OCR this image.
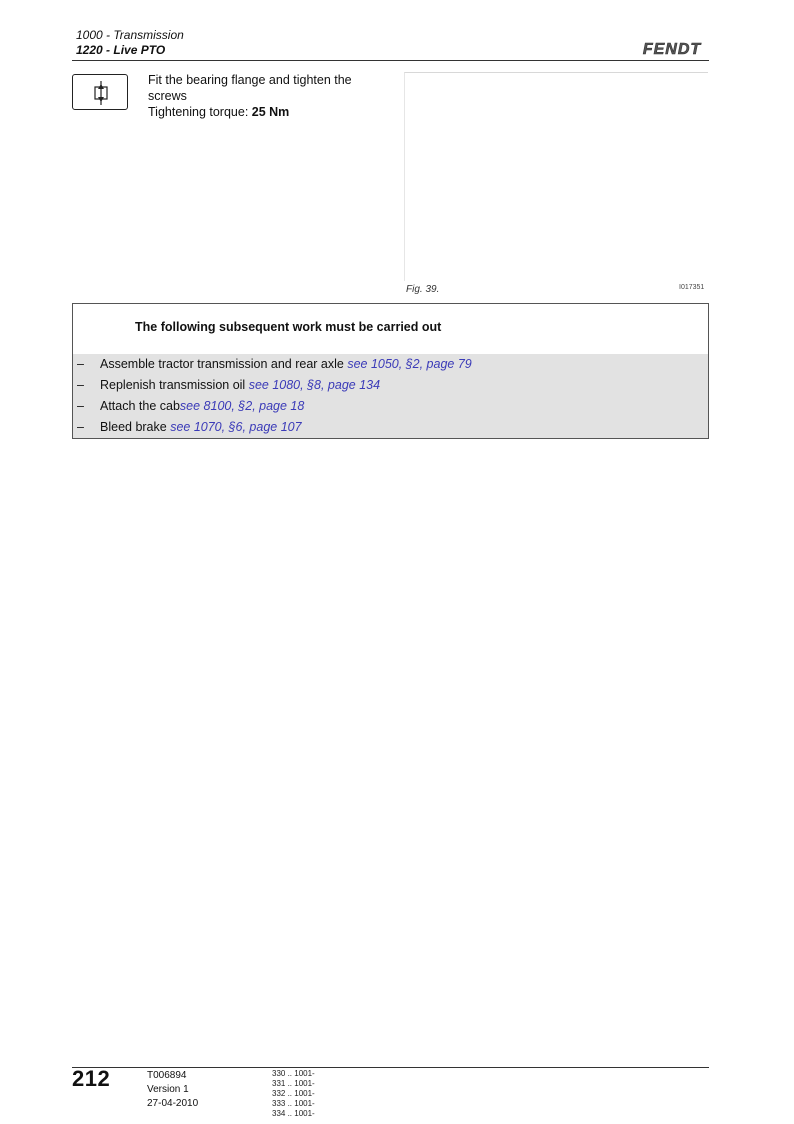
1000 - Transmission
1220 - Live PTO	FENDT
Fit the bearing flange and tighten the screws
Tightening torque: 25 Nm
Fig. 39.	I017351
The following subsequent work must be carried out
– Assemble tractor transmission and rear axle see 1050, §2, page 79
– Replenish transmission oil see 1080, §8, page 134
– Attach the cabsee 8100, §2, page 18
– Bleed brake see 1070, §6, page 107
212	T006894
Version 1
27-04-2010
330 .. 1001-
331 .. 1001-
332 .. 1001-
333 .. 1001-
334 .. 1001-
